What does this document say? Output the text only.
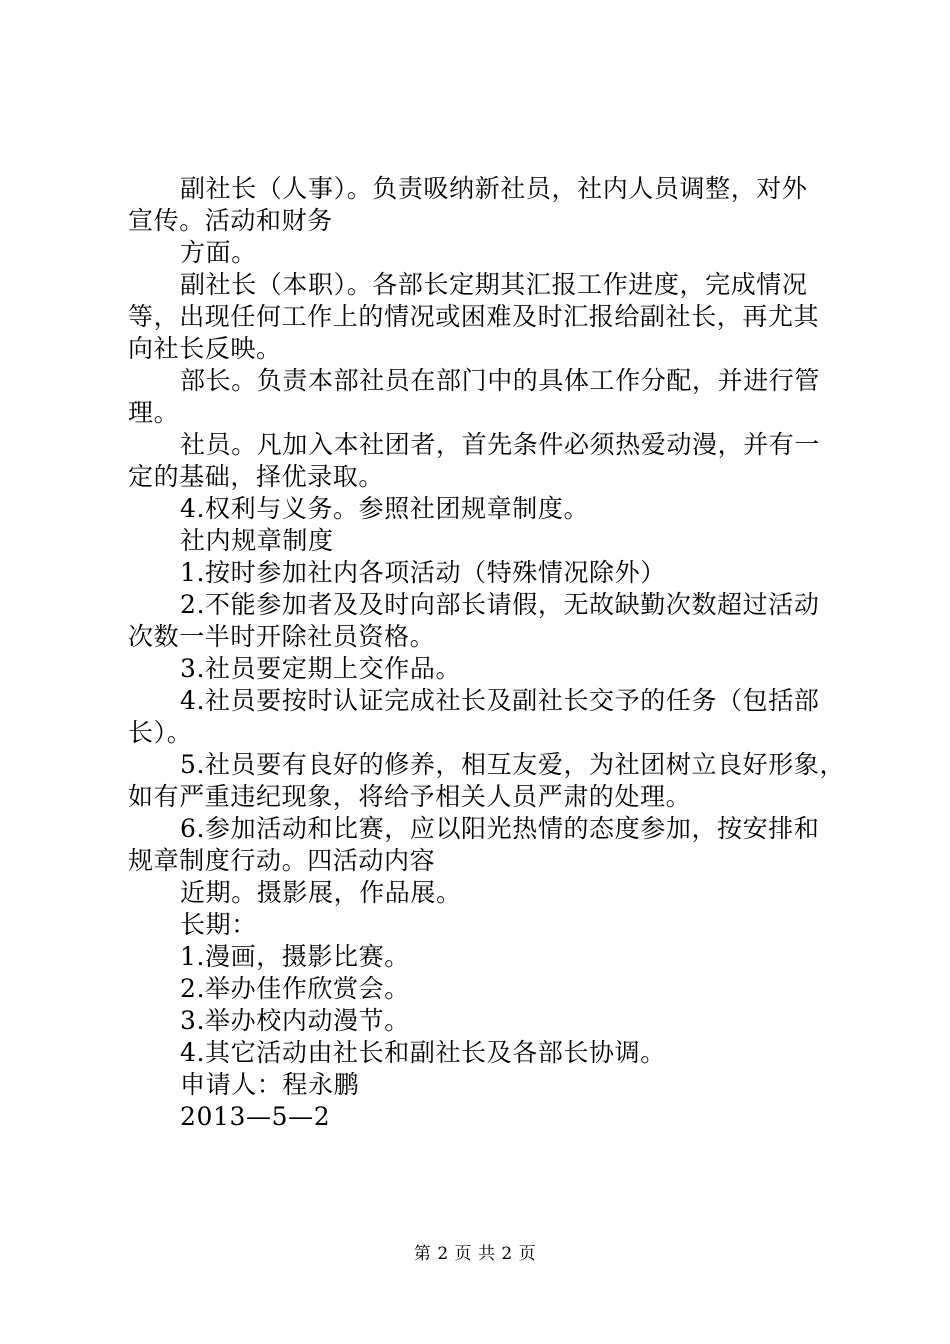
副社长（人事）。负责吸纳新社员，社内人员调整，对外
宣传。活动和财务
方面。
副社长（本职）。各部长定期其汇报工作进度，完成情况
等，出现任何工作上的情况或困难及时汇报给副社长，再尤其
向社长反映。
部长。负责本部社员在部门中的具体工作分配，并进行管
理。
社员。凡加入本社团者，首先条件必须热爱动漫，并有一
定的基础，择优录取。
4.权利与义务。参照社团规章制度。
社内规章制度
1.按时参加社内各项活动（特殊情况除外）
2.不能参加者及及时向部长请假，无故缺勤次数超过活动
次数一半时开除社员资格。
3.社员要定期上交作品。
4.社员要按时认证完成社长及副社长交予的任务（包括部
长）。
5.社员要有良好的修养，相互友爱，为社团树立良好形象，
如有严重违纪现象，将给予相关人员严肃的处理。
6.参加活动和比赛，应以阳光热情的态度参加，按安排和
规章制度行动。四活动内容
近期。摄影展，作品展。
长期：
1.漫画，摄影比赛。
2.举办佳作欣赏会。
3.举办校内动漫节。
4.其它活动由社长和副社长及各部长协调。
申请人：程永鹏
2013—5—2
第 2 页 共 2 页
